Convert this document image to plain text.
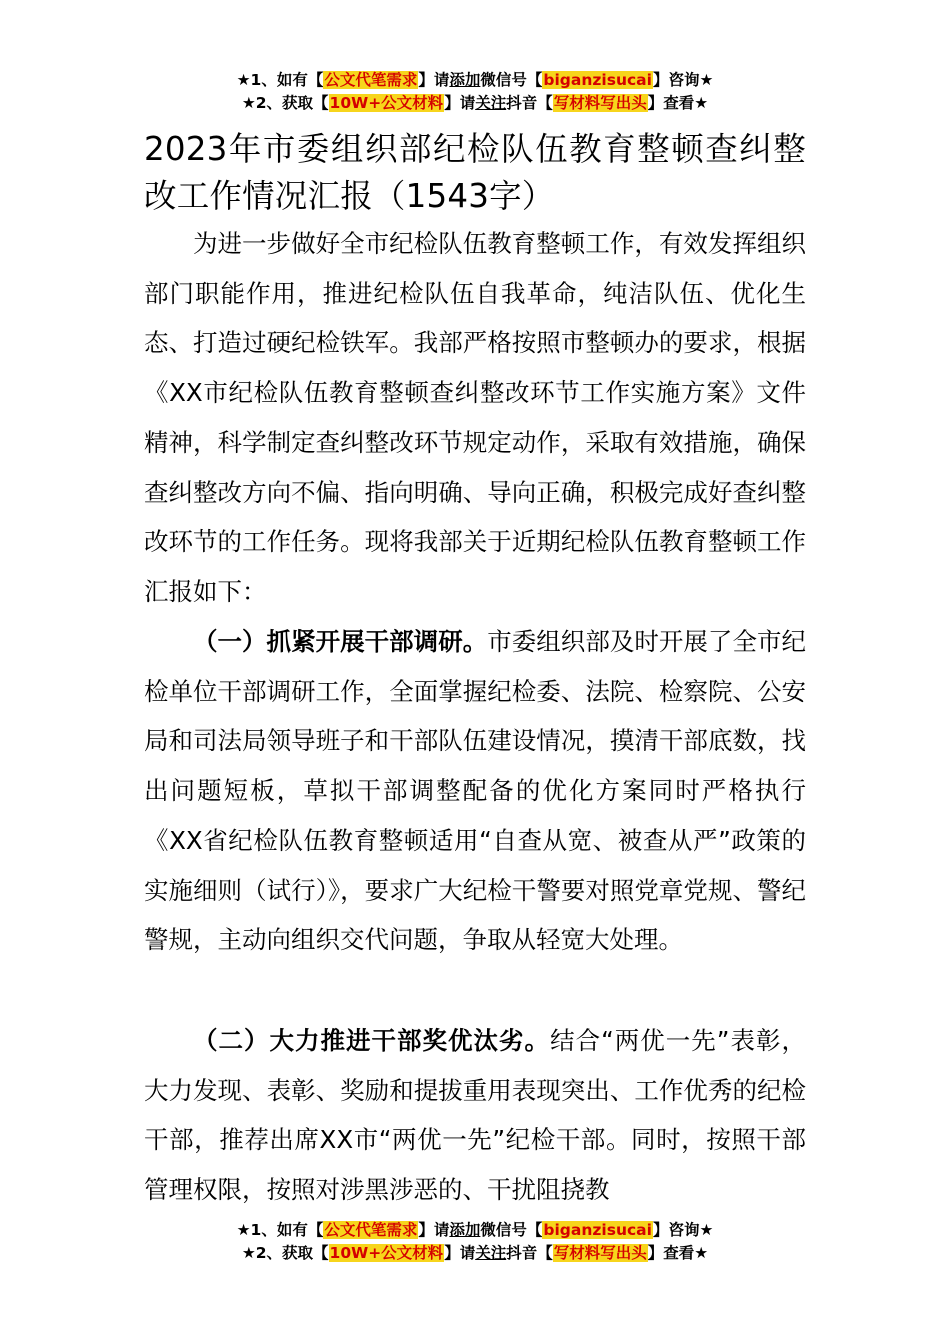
★1、如有【公文代笔需求】请添加微信号【biganzisucai】咨询★
★2、获取【10W+公文材料】请关注抖音【写材料写出头】查看★
2023年市委组织部纪检队伍教育整顿查纠整改工作情况汇报（1543字）

为进一步做好全市纪检队伍教育整顿工作，有效发挥组织部门职能作用，推进纪检队伍自我革命，纯洁队伍、优化生态、打造过硬纪检铁军。我部严格按照市整顿办的要求，根据《XX市纪检队伍教育整顿查纠整改环节工作实施方案》文件精神，科学制定查纠整改环节规定动作，采取有效措施，确保查纠整改方向不偏、指向明确、导向正确，积极完成好查纠整改环节的工作任务。现将我部关于近期纪检队伍教育整顿工作汇报如下：

（一）抓紧开展干部调研。市委组织部及时开展了全市纪检单位干部调研工作，全面掌握纪检委、法院、检察院、公安局和司法局领导班子和干部队伍建设情况，摸清干部底数，找出问题短板，草拟干部调整配备的优化方案同时严格执行《XX省纪检队伍教育整顿适用“自查从宽、被查从严”政策的实施细则（试行）》，要求广大纪检干警要对照党章党规、警纪警规，主动向组织交代问题，争取从轻宽大处理。

（二）大力推进干部奖优汰劣。结合“两优一先”表彰，大力发现、表彰、奖励和提拔重用表现突出、工作优秀的纪检干部，推荐出席XX市“两优一先”纪检干部。同时，按照干部管理权限，按照对涉黑涉恶的、干扰阻挠教

★1、如有【公文代笔需求】请添加微信号【biganzisucai】咨询★
★2、获取【10W+公文材料】请关注抖音【写材料写出头】查看★
